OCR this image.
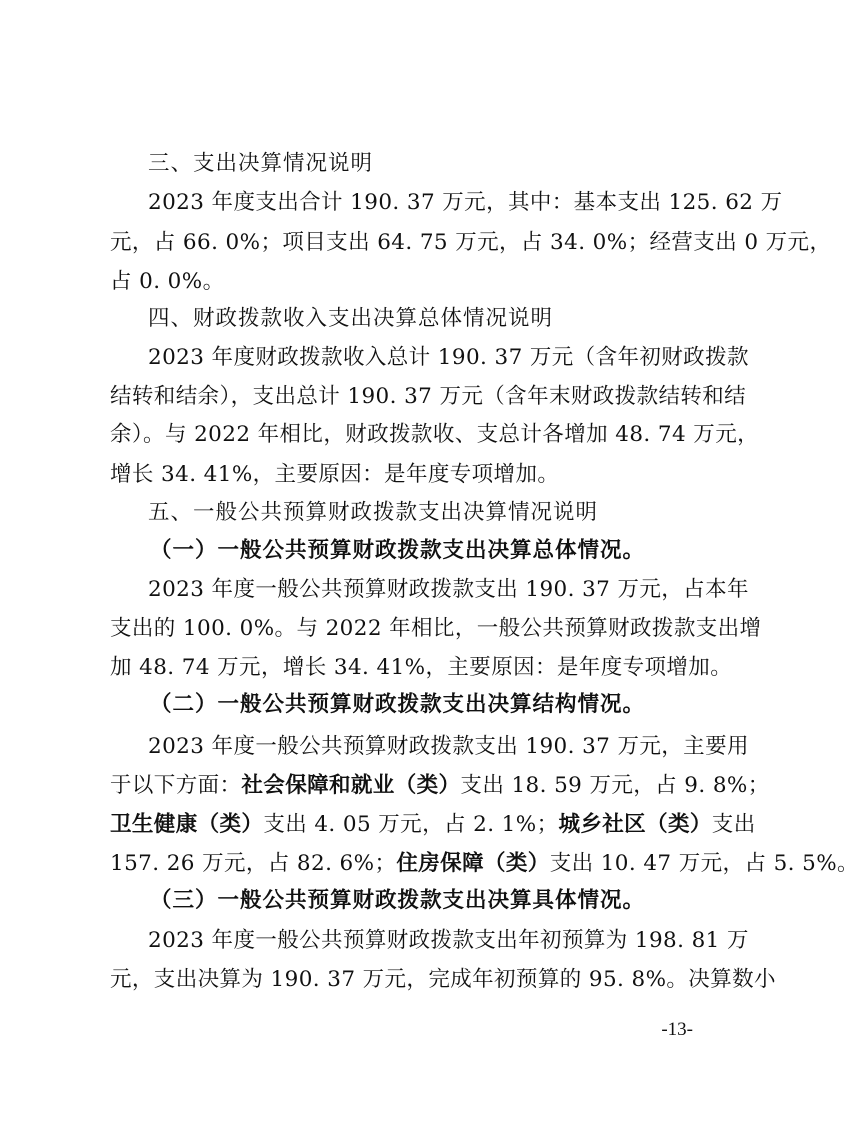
三、支出决算情况说明
2023 年度支出合计 190. 37 万元，其中：基本支出 125. 62 万
元，占 66. 0%；项目支出 64. 75 万元，占 34. 0%；经营支出 0 万元，
占 0. 0%。
四、财政拨款收入支出决算总体情况说明
2023 年度财政拨款收入总计 190. 37 万元（含年初财政拨款
结转和结余），支出总计 190. 37 万元（含年末财政拨款结转和结
余）。与 2022 年相比，财政拨款收、支总计各增加 48. 74 万元，
增长 34. 41%，主要原因：是年度专项增加。
五、一般公共预算财政拨款支出决算情况说明
（一）一般公共预算财政拨款支出决算总体情况。
2023 年度一般公共预算财政拨款支出 190. 37 万元，占本年
支出的 100. 0%。与 2022 年相比，一般公共预算财政拨款支出增
加 48. 74 万元，增长 34. 41%，主要原因：是年度专项增加。
（二）一般公共预算财政拨款支出决算结构情况。
2023 年度一般公共预算财政拨款支出 190. 37 万元，主要用
于以下方面：社会保障和就业（类）支出 18. 59 万元，占 9. 8%；
卫生健康（类）支出 4. 05 万元，占 2. 1%；城乡社区（类）支出
157. 26 万元，占 82. 6%；住房保障（类）支出 10. 47 万元，占 5. 5%。
（三）一般公共预算财政拨款支出决算具体情况。
2023 年度一般公共预算财政拨款支出年初预算为 198. 81 万
元，支出决算为 190. 37 万元，完成年初预算的 95. 8%。决算数小
-13-
